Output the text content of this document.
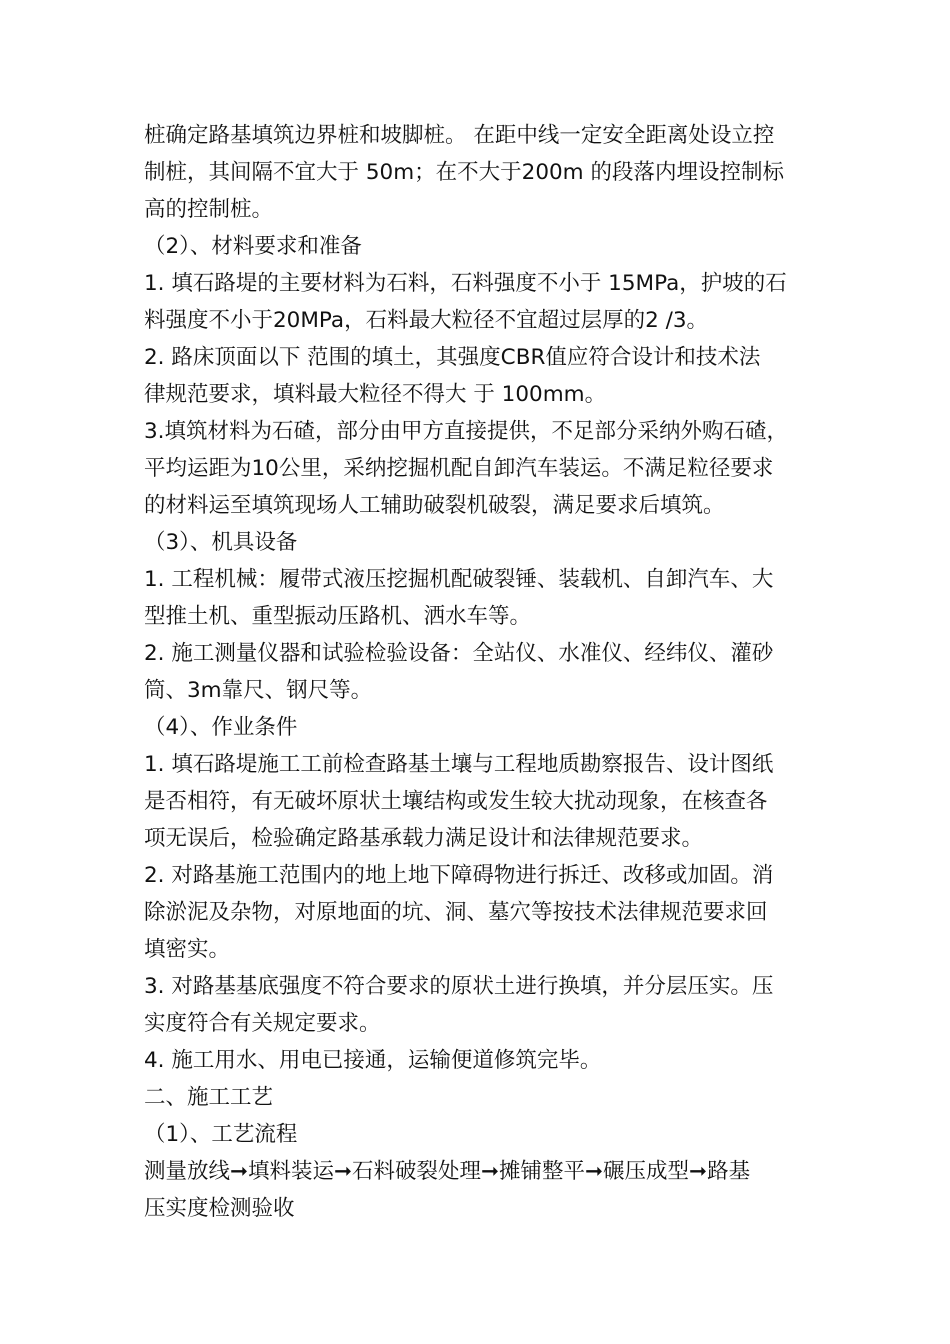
桩确定路基填筑边界桩和坡脚桩。 在距中线一定安全距离处设立控
制桩，其间隔不宜大于 50m；在不大于200m 的段落内埋设控制标
高的控制桩。
（2）、材料要求和准备
1. 填石路堤的主要材料为石料，石料强度不小于 15MPa，护坡的石
料强度不小于20MPa，石料最大粒径不宜超过层厚的2 /3。
2. 路床顶面以下 范围的填土，其强度CBR值应符合设计和技术法
律规范要求，填料最大粒径不得大 于 100mm。
3.填筑材料为石碴，部分由甲方直接提供，不足部分采纳外购石碴，
平均运距为10公里，采纳挖掘机配自卸汽车装运。不满足粒径要求
的材料运至填筑现场人工辅助破裂机破裂，满足要求后填筑。
（3）、机具设备
1. 工程机械：履带式液压挖掘机配破裂锤、装载机、自卸汽车、大
型推土机、重型振动压路机、洒水车等。
2. 施工测量仪器和试验检验设备：全站仪、水准仪、经纬仪、灌砂
筒、3m靠尺、钢尺等。
（4）、作业条件
1. 填石路堤施工工前检查路基土壤与工程地质勘察报告、设计图纸
是否相符，有无破坏原状土壤结构或发生较大扰动现象，在核查各
项无误后，检验确定路基承载力满足设计和法律规范要求。
2. 对路基施工范围内的地上地下障碍物进行拆迁、改移或加固。消
除淤泥及杂物，对原地面的坑、洞、墓穴等按技术法律规范要求回
填密实。
3. 对路基基底强度不符合要求的原状土进行换填，并分层压实。压
实度符合有关规定要求。
4. 施工用水、用电已接通，运输便道修筑完毕。
二、施工工艺
（1）、工艺流程
测量放线➞填料装运➞石料破裂处理➞摊铺整平➞碾压成型➞路基
压实度检测验收
